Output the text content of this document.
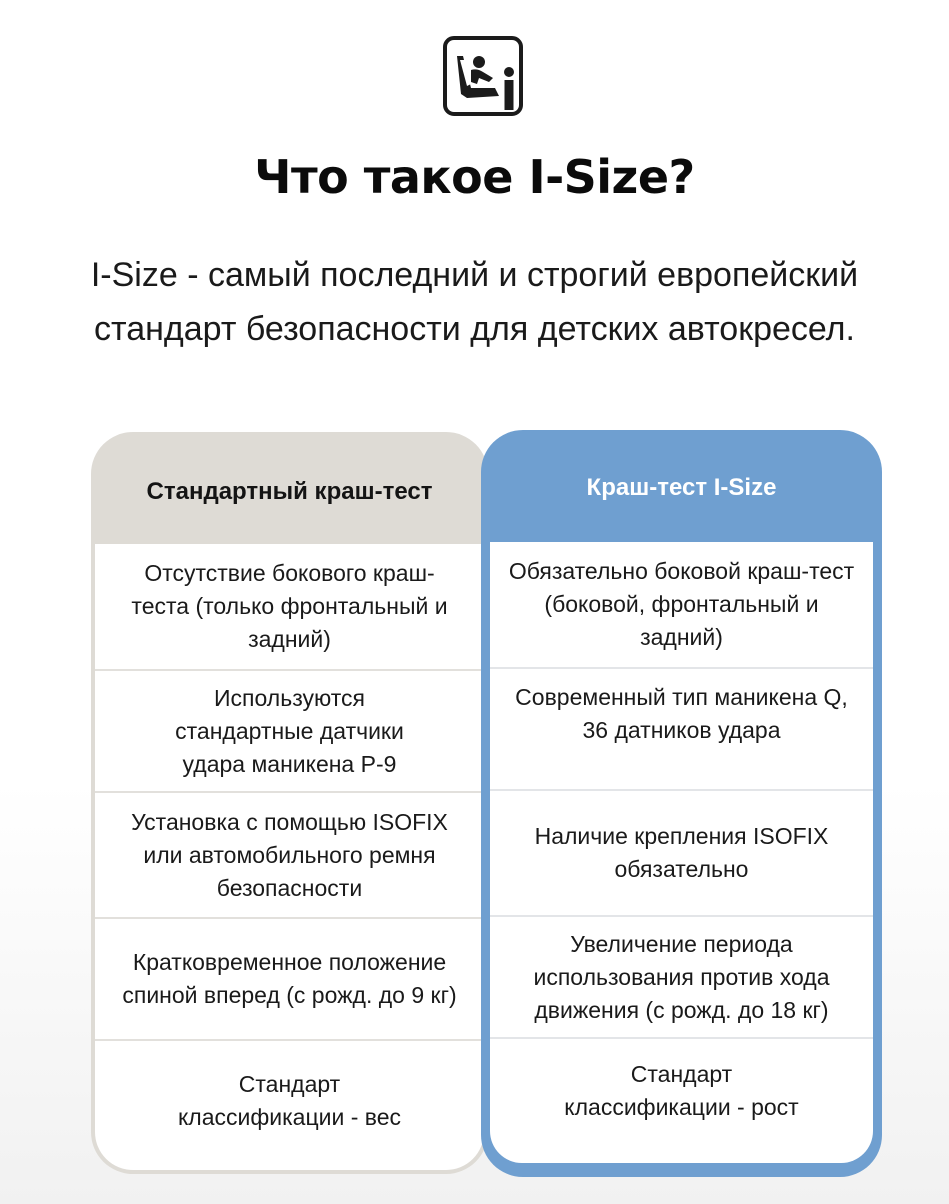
Что такое I-Size?
I-Size - самый последний и строгий европейский
стандарт безопасности для детских автокресел.
Стандартный краш-тест
Отсутствие бокового краш-
теста (только фронтальный и
задний)
Используются
стандартные датчики
удара маникена Р-9
Установка с помощью ISOFIX
или автомобильного ремня
безопасности
Кратковременное положение
спиной вперед (с рожд. до 9 кг)
Стандарт
классификации - вес
Краш-тест I-Size
Обязательно боковой краш-тест
(боковой, фронтальный и
задний)
Современный тип маникена Q,
36 датников удара
Наличие крепления ISOFIX
обязательно
Увеличение периода
использования против хода
движения (с рожд. до 18 кг)
Стандарт
классификации - рост
